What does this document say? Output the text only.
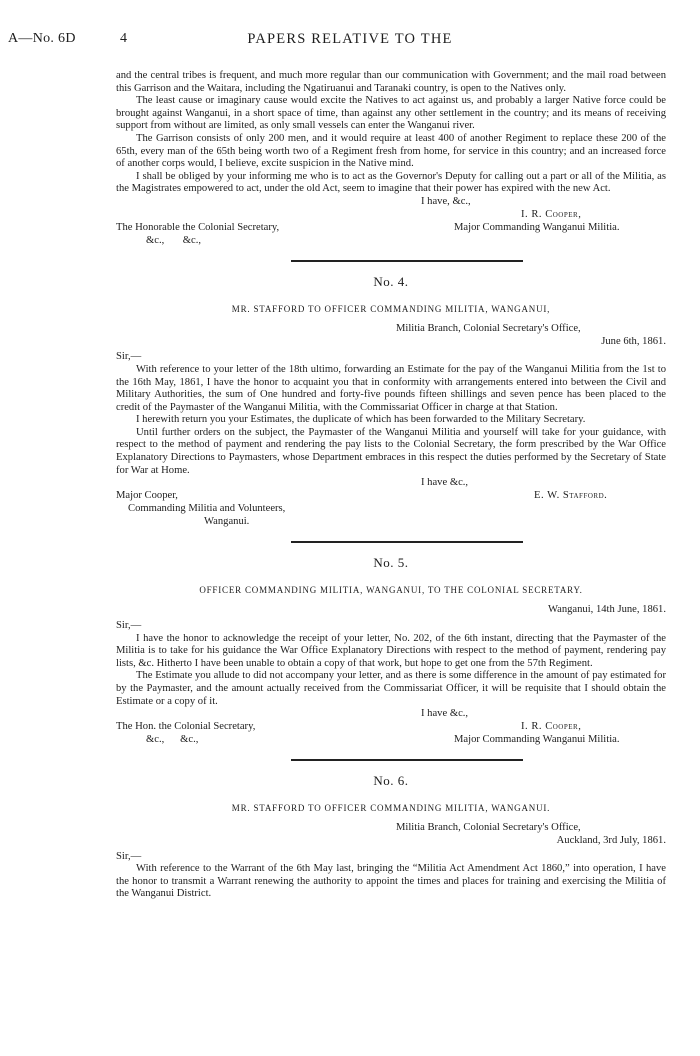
A—No. 6D	4	PAPERS RELATIVE TO THE

and the central tribes is frequent, and much more regular than our communication with Government; and the mail road between this Garrison and the Waitara, including the Ngatiruanui and Taranaki country, is open to the Natives only.

The least cause or imaginary cause would excite the Natives to act against us, and probably a larger Native force could be brought against Wanganui, in a short space of time, than against any other settlement in the country; and its means of receiving support from without are limited, as only small vessels can enter the Wanganui river.

The Garrison consists of only 200 men, and it would require at least 400 of another Regiment to replace these 200 of the 65th, every man of the 65th being worth two of a Regiment fresh from home, for service in this country; and an increased force of another corps would, I believe, excite suspicion in the Native mind.

I shall be obliged by your informing me who is to act as the Governor's Deputy for calling out a part or all of the Militia, as the Magistrates empowered to act, under the old Act, seem to imagine that their power has expired with the new Act.

I have, &c.,
I. R. Cooper,
The Honorable the Colonial Secretary,	Major Commanding Wanganui Militia.
&c.,       &c.,
No. 4.
MR. STAFFORD TO OFFICER COMMANDING MILITIA, WANGANUI,
Militia Branch, Colonial Secretary's Office,
June 6th, 1861.
Sir,—

With reference to your letter of the 18th ultimo, forwarding an Estimate for the pay of the Wanganui Militia from the 1st to the 16th May, 1861, I have the honor to acquaint you that in conformity with arrangements entered into between the Civil and Military Authorities, the sum of One hundred and forty-five pounds fifteen shillings and seven pence has been placed to the credit of the Paymaster of the Wanganui Militia, with the Commissariat Officer in charge at that Station.

I herewith return you your Estimates, the duplicate of which has been forwarded to the Military Secretary.

Until further orders on the subject, the Paymaster of the Wanganui Militia and yourself will take for your guidance, with respect to the method of payment and rendering the pay lists to the Colonial Secretary, the form prescribed by the War Office Explanatory Directions to Paymasters, whose Department embraces in this respect the duties performed by the Secretary of State for War at Home.

I have &c.,
Major Cooper,	E. W. Stafford.
Commanding Militia and Volunteers,
Wanganui.
No. 5.
OFFICER COMMANDING MILITIA, WANGANUI, TO THE COLONIAL SECRETARY.
Wanganui, 14th June, 1861.
Sir,—

I have the honor to acknowledge the receipt of your letter, No. 202, of the 6th instant, directing that the Paymaster of the Militia is to take for his guidance the War Office Explanatory Directions with respect to the method of payment, rendering pay lists, &c. Hitherto I have been unable to obtain a copy of that work, but hope to get one from the 57th Regiment.

The Estimate you allude to did not accompany your letter, and as there is some difference in the amount of pay estimated for by the Paymaster, and the amount actually received from the Commissariat Officer, it will be requisite that I should obtain the Estimate or a copy of it.

I have &c.,
The Hon. the Colonial Secretary,	I. R. Cooper,
&c.,      &c.,	Major Commanding Wanganui Militia.
No. 6.
MR. STAFFORD TO OFFICER COMMANDING MILITIA, WANGANUI.
Militia Branch, Colonial Secretary's Office,
Auckland, 3rd July, 1861.
Sir,—

With reference to the Warrant of the 6th May last, bringing the “Militia Act Amendment Act 1860,” into operation, I have the honor to transmit a Warrant renewing the authority to appoint the times and places for training and exercising the Militia of the Wanganui District.
